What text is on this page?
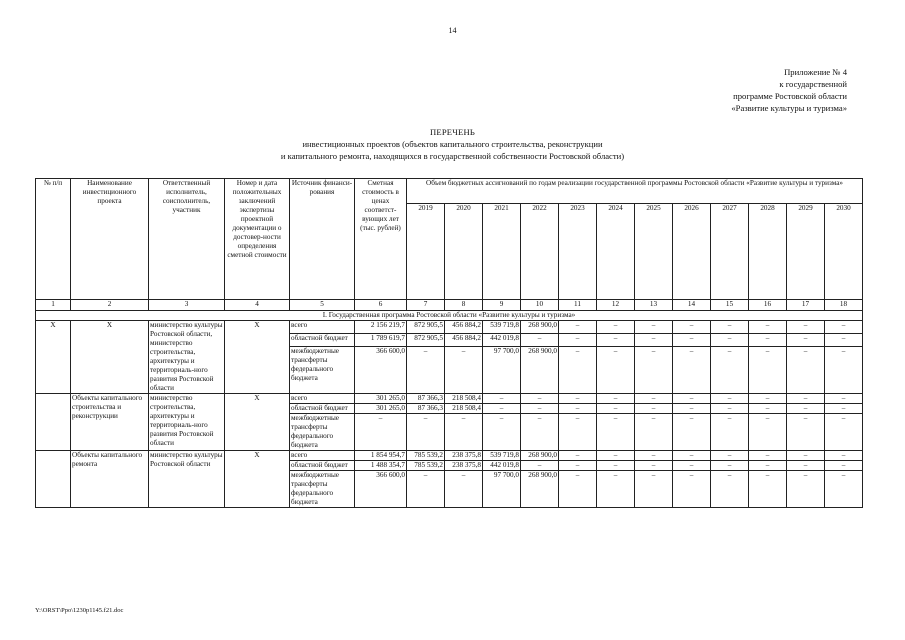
14
Приложение № 4
к государственной
программе Ростовской области
«Развитие культуры и туризма»
ПЕРЕЧЕНЬ
инвестиционных проектов (объектов капитального строительства, реконструкции
и капитального ремонта, находящихся в государственной собственности Ростовской области)
№ п/п	Наименование инвестиционного проекта	Ответственный исполнитель, соисполнитель, участник	Номер и дата положительных заключений экспертизы проектной документации о достовер-ности определения сметной стоимости	Источник финанси-рования	Сметная стоимость в ценах соответст-вующих лет (тыс. рублей)	Объем бюджетных ассигнований по годам реализации государственной программы Ростовской области «Развитие культуры и туризма»											
						2019	2020	2021	2022	2023	2024	2025	2026	2027	2028	2029	2030
1	2	3	4	5	6	7	8	9	10	11	12	13	14	15	16	17	18
I. Государственная программа Ростовской области «Развитие культуры и туризма»																	
Х	Х	министерство культуры Ростовской области, министерство строительства, архитектуры и территориаль-ного развития Ростовской области	Х	всего	2 156 219,7	872 905,5	456 884,2	539 719,8	268 900,0	–	–	–	–	–	–	–	–
				областной бюджет	1 789 619,7	872 905,5	456 884,2	442 019,8	–	–	–	–	–	–	–	–	–
				межбюджетные трансферты федерального бюджета	366 600,0	–	–	97 700,0	268 900,0	–	–	–	–	–	–	–	–
	Объекты капитального строительства и реконструкции	министерство строительства, архитектуры и территориаль-ного развития Ростовской области	Х	всего	301 265,0	87 366,3	218 508,4	–	–	–	–	–	–	–	–	–	–
				областной бюджет	301 265,0	87 366,3	218 508,4	–	–	–	–	–	–	–	–	–	–
				межбюджетные трансферты федерального бюджета	–	–	–	–	–	–	–	–	–	–	–	–	–
	Объекты капитального ремонта	министерство культуры Ростовской области	Х	всего	1 854 954,7	785 539,2	238 375,8	539 719,8	268 900,0	–	–	–	–	–	–	–	–
				областной бюджет	1 488 354,7	785 539,2	238 375,8	442 019,8	–	–	–	–	–	–	–	–	–
				межбюджетные трансферты федерального бюджета	366 600,0	–	–	97 700,0	268 900,0	–	–	–	–	–	–	–	–
Y:\ORST\Ppo\1230p1145.f21.doc
